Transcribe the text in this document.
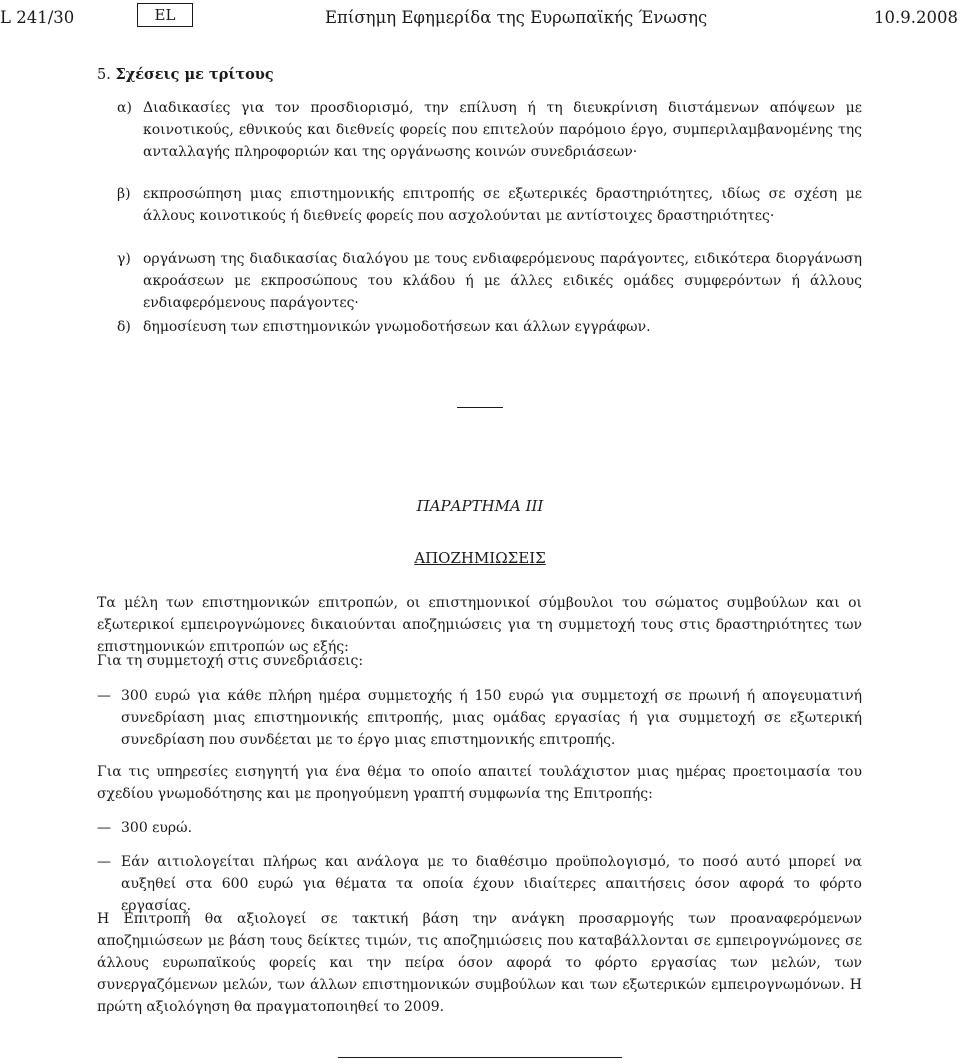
L 241/30	EL	Επίσημη Εφημερίδα της Ευρωπαϊκής Ένωσης	10.9.2008
5. Σχέσεις με τρίτους
α) Διαδικασίες για τον προσδιορισμό, την επίλυση ή τη διευκρίνιση διιστάμενων απόψεων με κοινοτικούς, εθνικούς και διεθνείς φορείς που επιτελούν παρόμοιο έργο, συμπεριλαμβανομένης της ανταλλαγής πληροφοριών και της οργάνωσης κοινών συνεδριάσεων·
β) εκπροσώπηση μιας επιστημονικής επιτροπής σε εξωτερικές δραστηριότητες, ιδίως σε σχέση με άλλους κοινοτικούς ή διεθνείς φορείς που ασχολούνται με αντίστοιχες δραστηριότητες·
γ) οργάνωση της διαδικασίας διαλόγου με τους ενδιαφερόμενους παράγοντες, ειδικότερα διοργάνωση ακροάσεων με εκπροσώπους του κλάδου ή με άλλες ειδικές ομάδες συμφερόντων ή άλλους ενδιαφερόμενους παράγοντες·
δ) δημοσίευση των επιστημονικών γνωμοδοτήσεων και άλλων εγγράφων.
ΠΑΡΑΡΤΗΜΑ III
ΑΠΟΖΗΜΙΩΣΕΙΣ
Τα μέλη των επιστημονικών επιτροπών, οι επιστημονικοί σύμβουλοι του σώματος συμβούλων και οι εξωτερικοί εμπειρογνώμονες δικαιούνται αποζημιώσεις για τη συμμετοχή τους στις δραστηριότητες των επιστημονικών επιτροπών ως εξής:
Για τη συμμετοχή στις συνεδριάσεις:
— 300 ευρώ για κάθε πλήρη ημέρα συμμετοχής ή 150 ευρώ για συμμετοχή σε πρωινή ή απογευματινή συνεδρίαση μιας επιστημονικής επιτροπής, μιας ομάδας εργασίας ή για συμμετοχή σε εξωτερική συνεδρίαση που συνδέεται με το έργο μιας επιστημονικής επιτροπής.
Για τις υπηρεσίες εισηγητή για ένα θέμα το οποίο απαιτεί τουλάχιστον μιας ημέρας προετοιμασία του σχεδίου γνωμοδότησης και με προηγούμενη γραπτή συμφωνία της Επιτροπής:
— 300 ευρώ.
— Εάν αιτιολογείται πλήρως και ανάλογα με το διαθέσιμο προϋπολογισμό, το ποσό αυτό μπορεί να αυξηθεί στα 600 ευρώ για θέματα τα οποία έχουν ιδιαίτερες απαιτήσεις όσον αφορά το φόρτο εργασίας.
Η Επιτροπή θα αξιολογεί σε τακτική βάση την ανάγκη προσαρμογής των προαναφερόμενων αποζημιώσεων με βάση τους δείκτες τιμών, τις αποζημιώσεις που καταβάλλονται σε εμπειρογνώμονες σε άλλους ευρωπαϊκούς φορείς και την πείρα όσον αφορά το φόρτο εργασίας των μελών, των συνεργαζόμενων μελών, των άλλων επιστημονικών συμβούλων και των εξωτερικών εμπειρογνωμόνων. Η πρώτη αξιολόγηση θα πραγματοποιηθεί το 2009.
